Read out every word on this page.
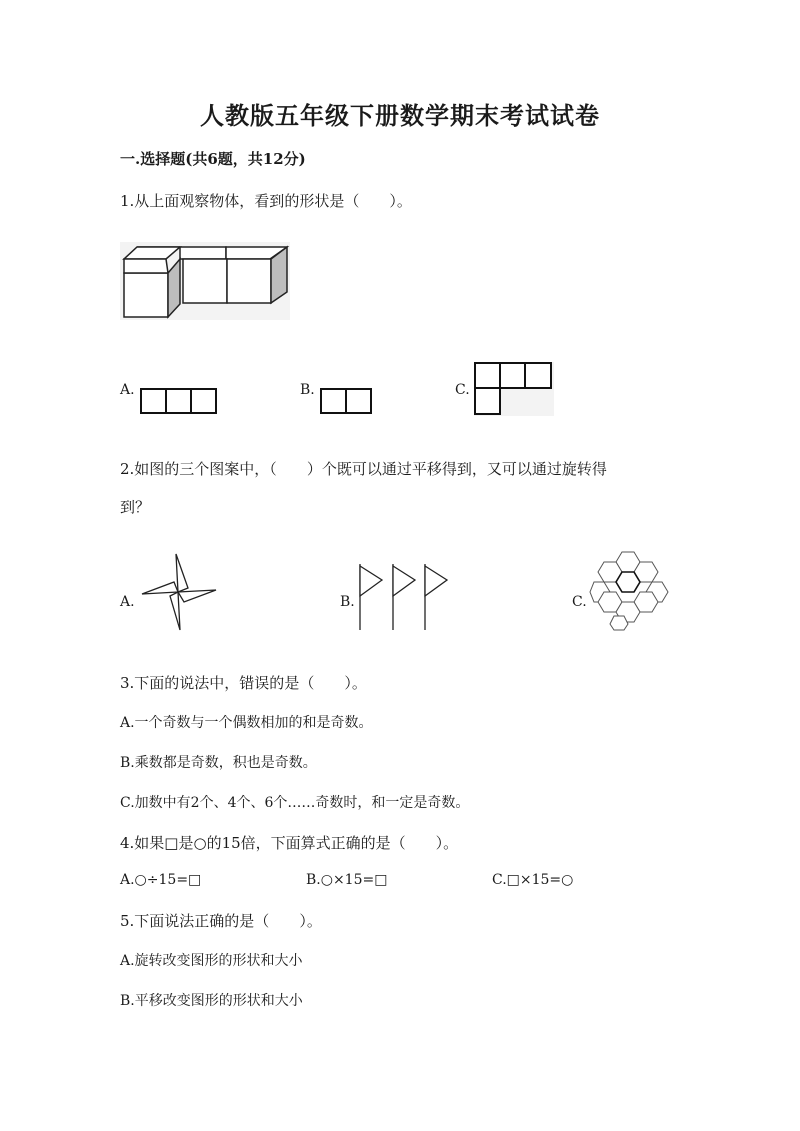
人教版五年级下册数学期末考试试卷
一.选择题(共6题，共12分)
1.从上面观察物体，看到的形状是（　　）。
A.	B.	C.
2.如图的三个图案中，（　　）个既可以通过平移得到，又可以通过旋转得
到？
A.	B.	C.
3.下面的说法中，错误的是（　　）。
A.一个奇数与一个偶数相加的和是奇数。
B.乘数都是奇数，积也是奇数。
C.加数中有2个、4个、6个……奇数时，和一定是奇数。
4.如果□是○的15倍，下面算式正确的是（　　）。
A.○÷15=□	B.○×15=□	C.□×15=○
5.下面说法正确的是（　　）。
A.旋转改变图形的形状和大小
B.平移改变图形的形状和大小
